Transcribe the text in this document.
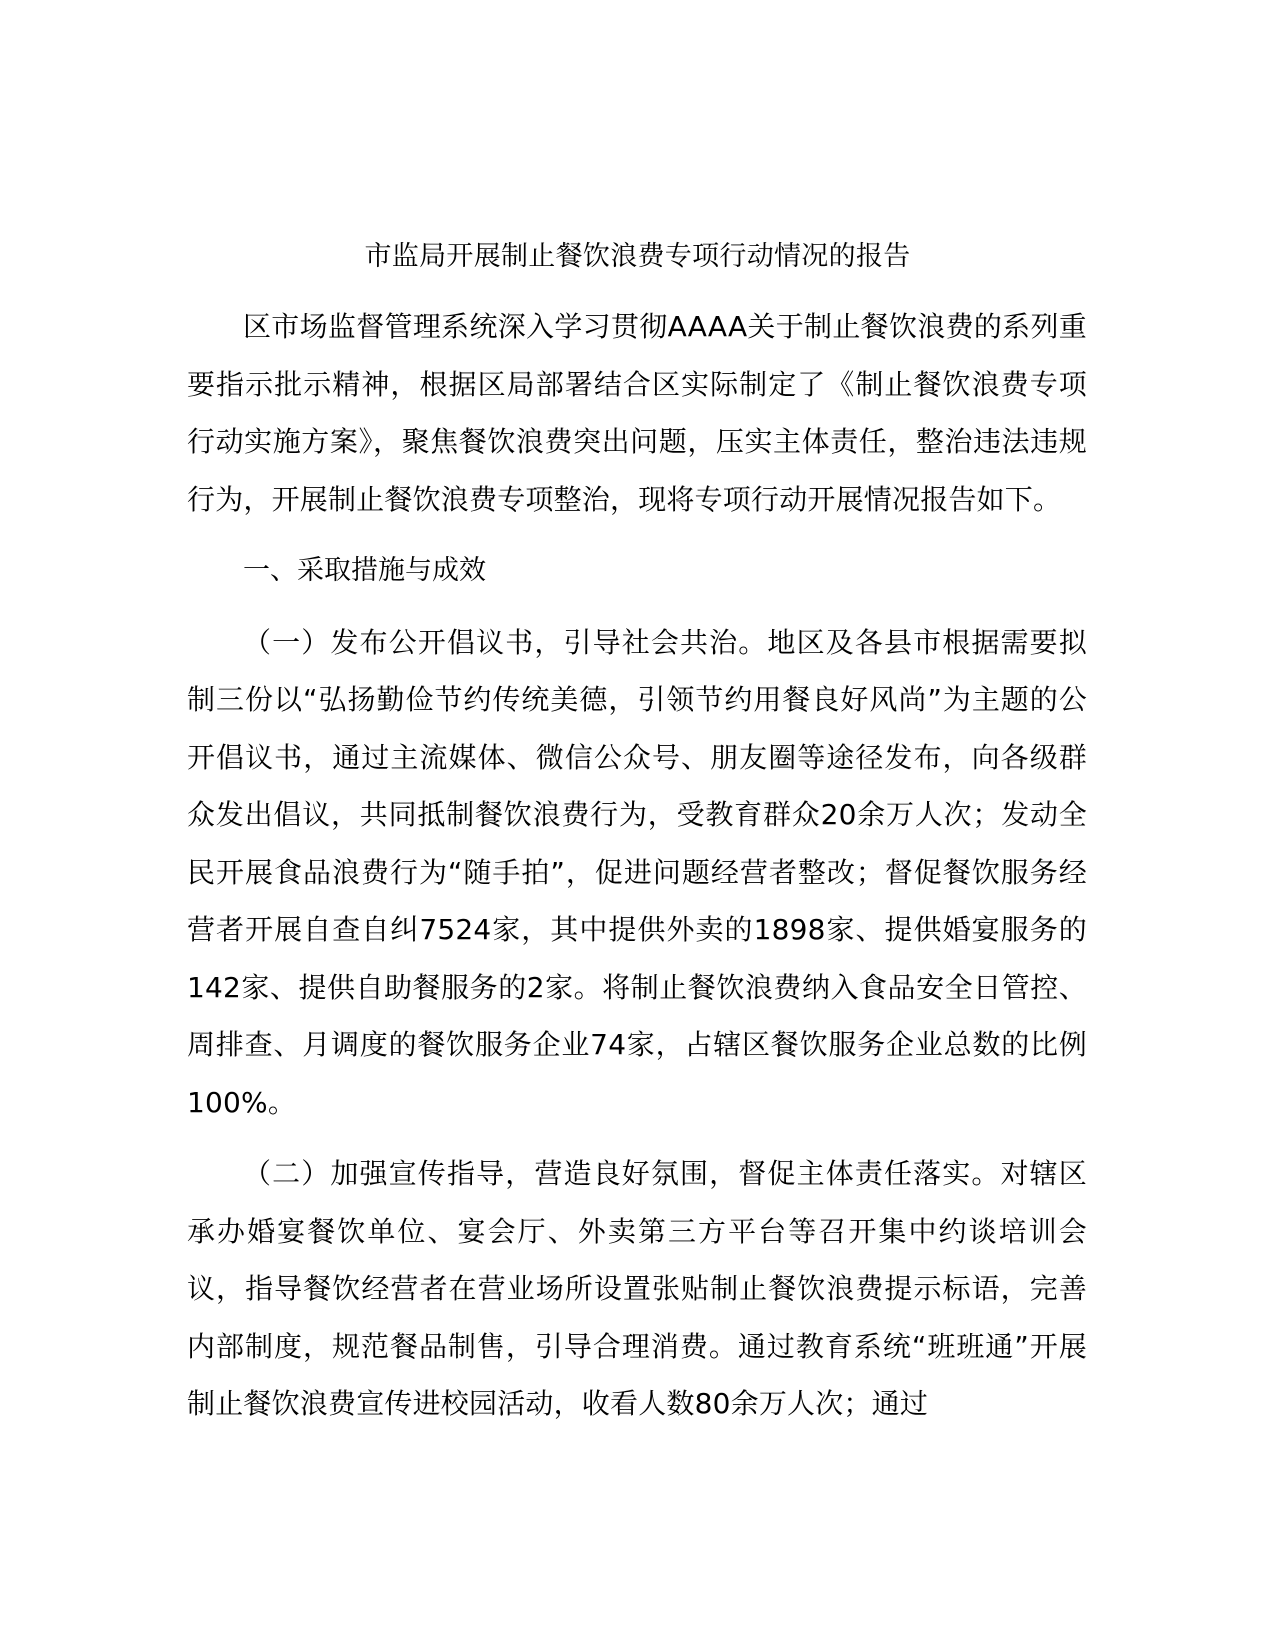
市监局开展制止餐饮浪费专项行动情况的报告

区市场监督管理系统深入学习贯彻AAAA关于制止餐饮浪费的系列重要指示批示精神，根据区局部署结合区实际制定了《制止餐饮浪费专项行动实施方案》，聚焦餐饮浪费突出问题，压实主体责任，整治违法违规行为，开展制止餐饮浪费专项整治，现将专项行动开展情况报告如下。

一、采取措施与成效

（一）发布公开倡议书，引导社会共治。地区及各县市根据需要拟制三份以“弘扬勤俭节约传统美德，引领节约用餐良好风尚”为主题的公开倡议书，通过主流媒体、微信公众号、朋友圈等途径发布，向各级群众发出倡议，共同抵制餐饮浪费行为，受教育群众20余万人次；发动全民开展食品浪费行为“随手拍”，促进问题经营者整改；督促餐饮服务经营者开展自查自纠7524家，其中提供外卖的1898家、提供婚宴服务的142家、提供自助餐服务的2家。将制止餐饮浪费纳入食品安全日管控、周排查、月调度的餐饮服务企业74家，占辖区餐饮服务企业总数的比例100%。

（二）加强宣传指导，营造良好氛围，督促主体责任落实。对辖区承办婚宴餐饮单位、宴会厅、外卖第三方平台等召开集中约谈培训会议，指导餐饮经营者在营业场所设置张贴制止餐饮浪费提示标语，完善内部制度，规范餐品制售，引导合理消费。通过教育系统“班班通”开展制止餐饮浪费宣传进校园活动，收看人数80余万人次；通过
